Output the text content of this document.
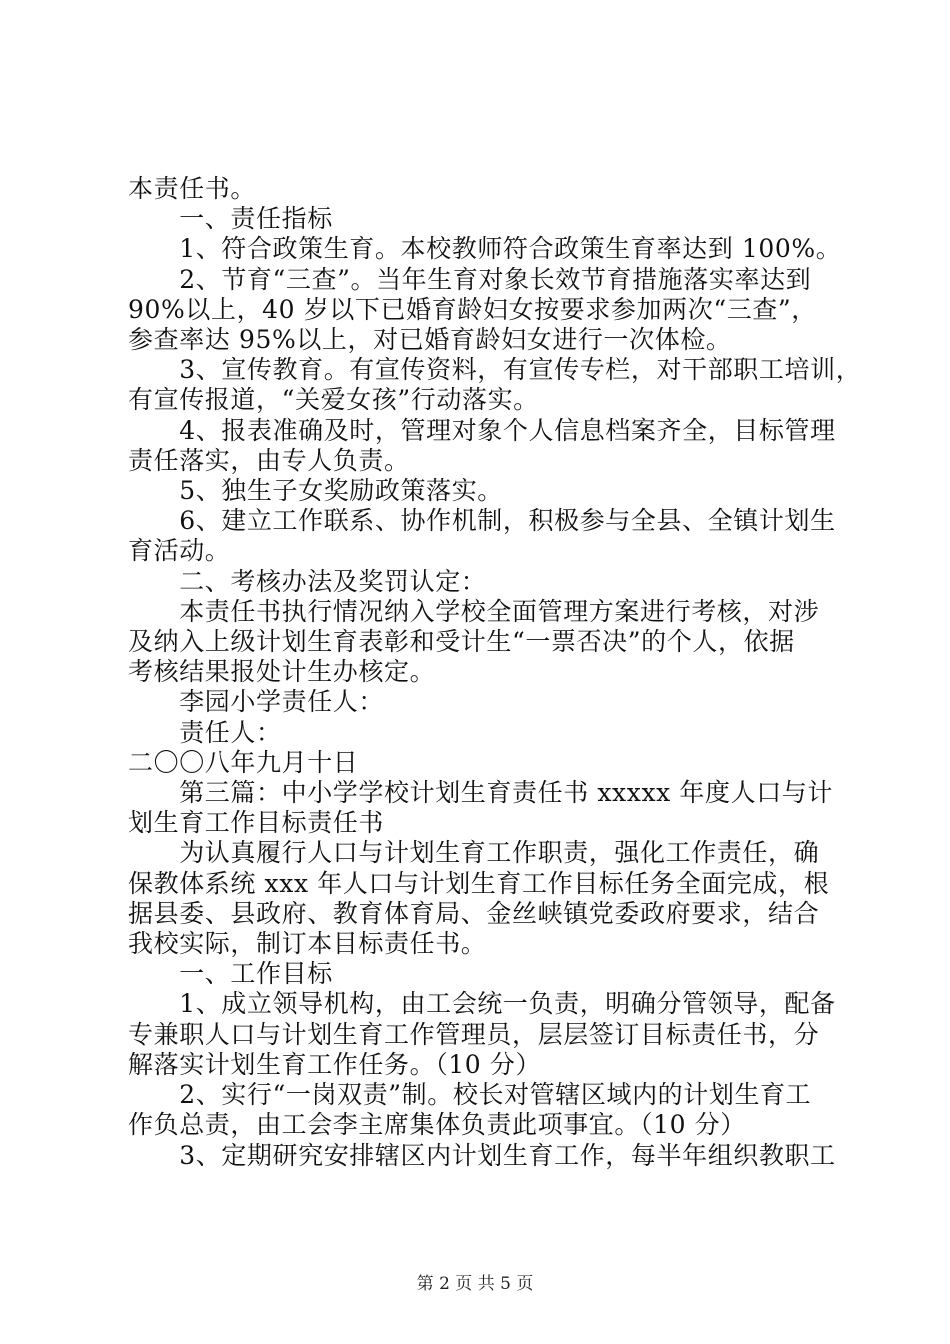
本责任书。

　　一、责任指标

　　1、符合政策生育。本校教师符合政策生育率达到 100%。

　　2、节育“三查”。当年生育对象长效节育措施落实率达到

90%以上，40 岁以下已婚育龄妇女按要求参加两次“三查”，

参查率达 95%以上，对已婚育龄妇女进行一次体检。

　　3、宣传教育。有宣传资料，有宣传专栏，对干部职工培训，

有宣传报道，“关爱女孩”行动落实。

　　4、报表准确及时，管理对象个人信息档案齐全，目标管理

责任落实，由专人负责。

　　5、独生子女奖励政策落实。

　　6、建立工作联系、协作机制，积极参与全县、全镇计划生

育活动。

　　二、考核办法及奖罚认定：

　　本责任书执行情况纳入学校全面管理方案进行考核，对涉

及纳入上级计划生育表彰和受计生“一票否决”的个人，依据

考核结果报处计生办核定。

　　李园小学责任人：

　　责任人：

二〇〇八年九月十日

　　第三篇：中小学学校计划生育责任书 xxxxx 年度人口与计

划生育工作目标责任书

　　为认真履行人口与计划生育工作职责，强化工作责任，确

保教体系统 xxx 年人口与计划生育工作目标任务全面完成，根

据县委、县政府、教育体育局、金丝峡镇党委政府要求，结合

我校实际，制订本目标责任书。

　　一、工作目标

　　1、成立领导机构，由工会统一负责，明确分管领导，配备

专兼职人口与计划生育工作管理员，层层签订目标责任书，分

解落实计划生育工作任务。（10 分）

　　2、实行“一岗双责”制。校长对管辖区域内的计划生育工

作负总责，由工会李主席集体负责此项事宜。（10 分）

　　3、定期研究安排辖区内计划生育工作，每半年组织教职工

第 2 页 共 5 页
